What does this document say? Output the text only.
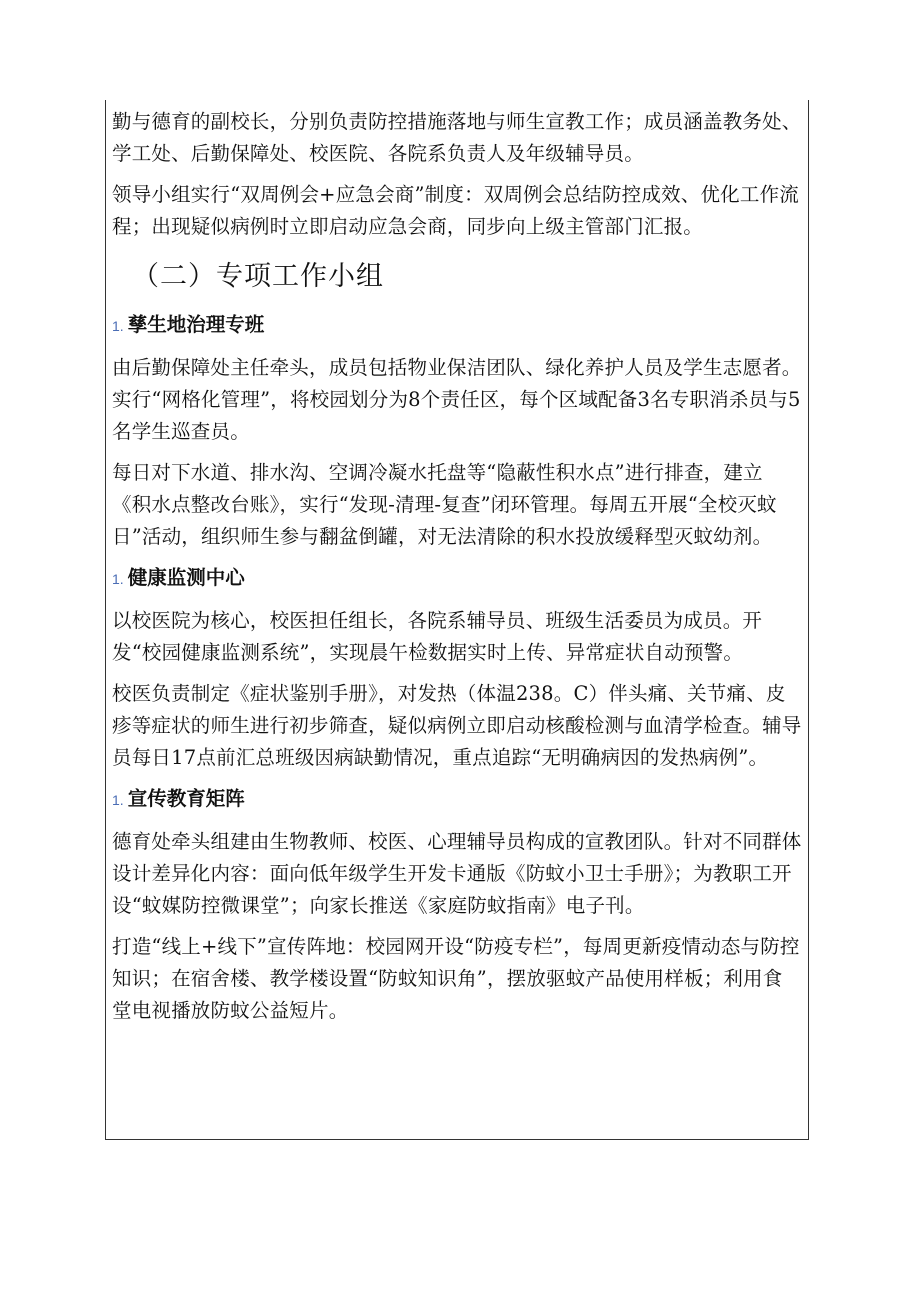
勤与德育的副校长，分别负责防控措施落地与师生宣教工作；成员涵盖教务处、学工处、后勤保障处、校医院、各院系负责人及年级辅导员。

领导小组实行“双周例会+应急会商”制度：双周例会总结防控成效、优化工作流程；出现疑似病例时立即启动应急会商，同步向上级主管部门汇报。

（二）专项工作小组
1. 孳生地治理专班

由后勤保障处主任牵头，成员包括物业保洁团队、绿化养护人员及学生志愿者。实行“网格化管理”，将校园划分为8个责任区，每个区域配备3名专职消杀员与5名学生巡查员。

每日对下水道、排水沟、空调冷凝水托盘等“隐蔽性积水点”进行排查，建立《积水点整改台账》，实行“发现-清理-复查”闭环管理。每周五开展“全校灭蚊日”活动，组织师生参与翻盆倒罐，对无法清除的积水投放缓释型灭蚊幼剂。

1. 健康监测中心

以校医院为核心，校医担任组长，各院系辅导员、班级生活委员为成员。开发“校园健康监测系统”，实现晨午检数据实时上传、异常症状自动预警。

校医负责制定《症状鉴别手册》，对发热（体温238。C）伴头痛、关节痛、皮疹等症状的师生进行初步筛查，疑似病例立即启动核酸检测与血清学检查。辅导员每日17点前汇总班级因病缺勤情况，重点追踪“无明确病因的发热病例”。

1. 宣传教育矩阵

德育处牵头组建由生物教师、校医、心理辅导员构成的宣教团队。针对不同群体设计差异化内容：面向低年级学生开发卡通版《防蚊小卫士手册》；为教职工开设“蚊媒防控微课堂”；向家长推送《家庭防蚊指南》电子刊。

打造“线上+线下”宣传阵地：校园网开设“防疫专栏”，每周更新疫情动态与防控知识；在宿舍楼、教学楼设置“防蚊知识角”，摆放驱蚊产品使用样板；利用食堂电视播放防蚊公益短片。
